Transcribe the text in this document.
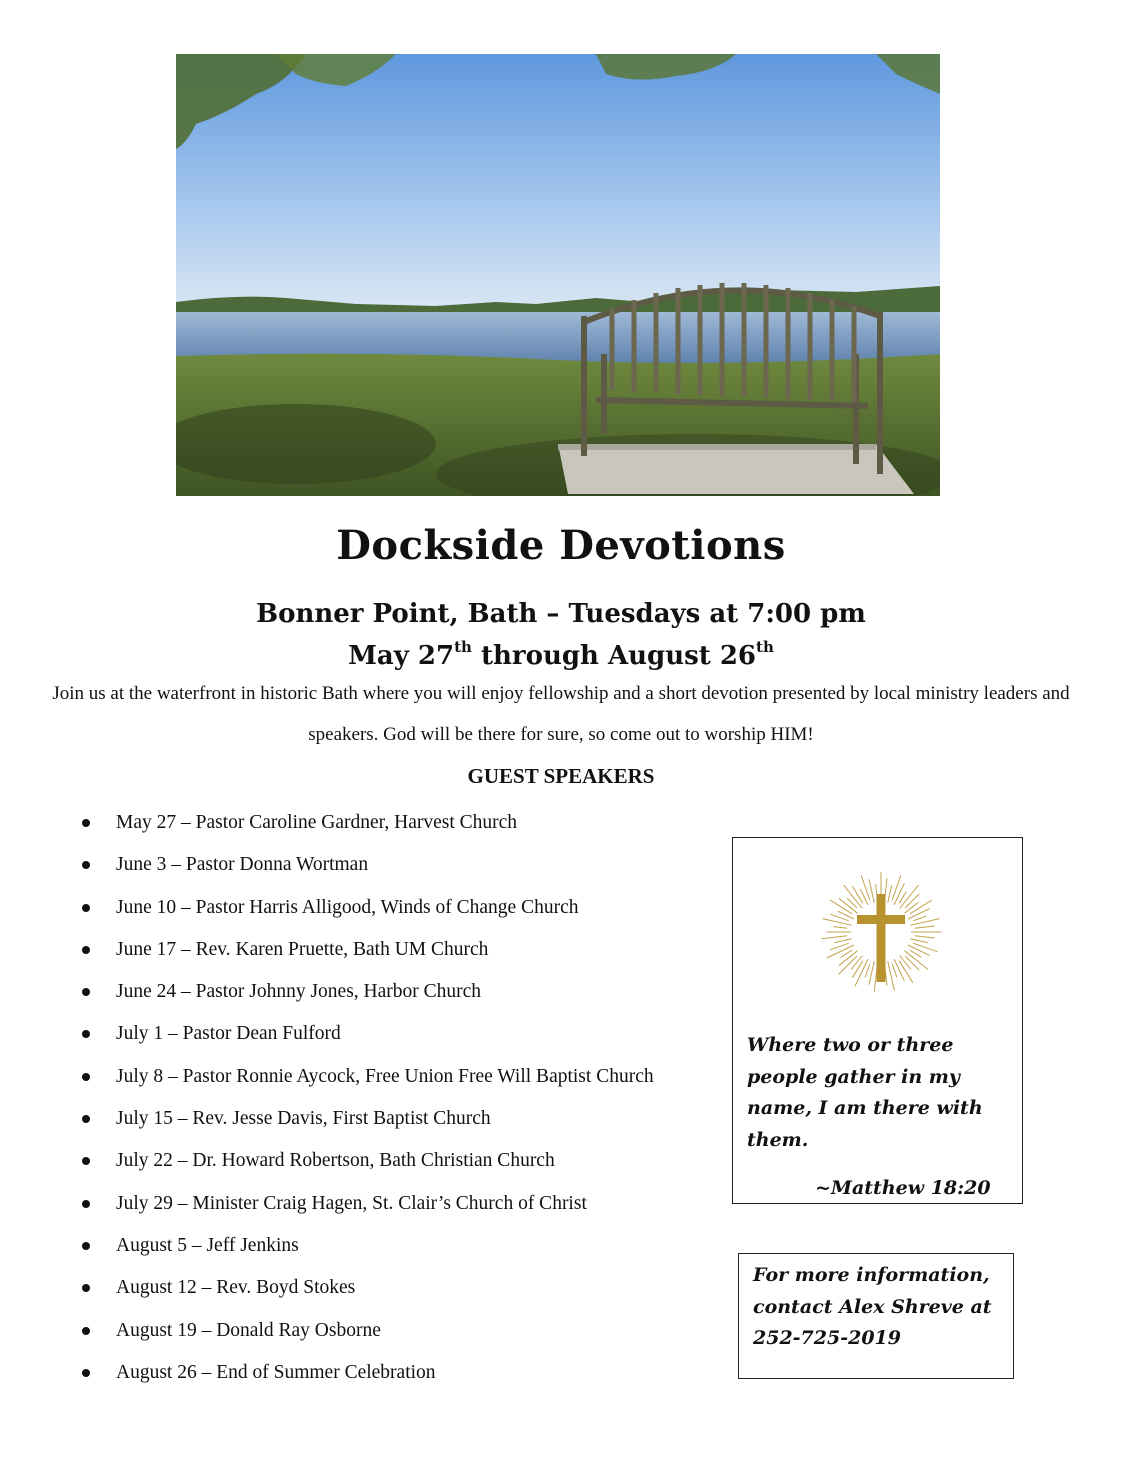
Dockside Devotions
Bonner Point, Bath – Tuesdays at 7:00 pm
May 27th through August 26th
Join us at the waterfront in historic Bath where you will enjoy fellowship and a short devotion presented by local ministry leaders and speakers. God will be there for sure, so come out to worship HIM!
GUEST SPEAKERS
May 27 – Pastor Caroline Gardner, Harvest Church
June 3 – Pastor Donna Wortman
June 10 – Pastor Harris Alligood, Winds of Change Church
June 17 – Rev. Karen Pruette, Bath UM Church
June 24 – Pastor Johnny Jones, Harbor Church
July 1 – Pastor Dean Fulford
July 8 – Pastor Ronnie Aycock, Free Union Free Will Baptist Church
July 15 – Rev. Jesse Davis, First Baptist Church
July 22 – Dr. Howard Robertson, Bath Christian Church
July 29 – Minister Craig Hagen, St. Clair’s Church of Christ
August 5 – Jeff Jenkins
August 12 – Rev. Boyd Stokes
August 19 – Donald Ray Osborne
August 26 – End of Summer Celebration
Where two or three
people gather in my
name, I am there with
them.
~Matthew 18:20
For more information,
contact Alex Shreve at
252-725-2019
